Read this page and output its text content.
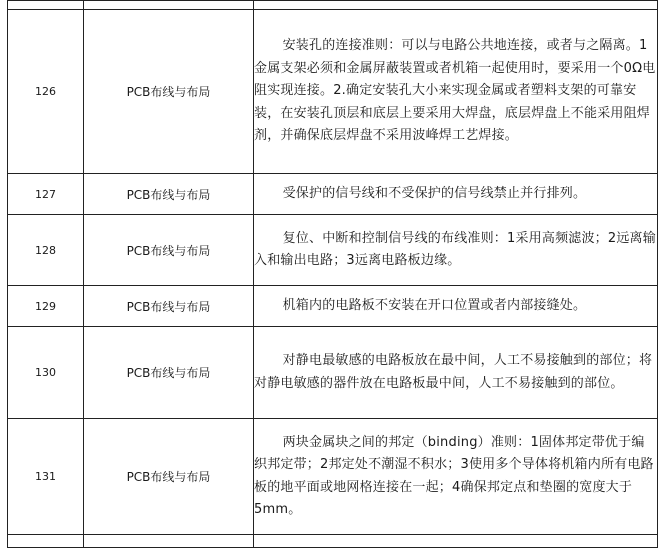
126	PCB布线与布局	安装孔的连接准则：可以与电路公共地连接，或者与之隔离。1金属支架必须和金属屏蔽装置或者机箱一起使用时，要采用一个0Ω电阻实现连接。2.确定安装孔大小来实现金属或者塑料支架的可靠安装，在安装孔顶层和底层上要采用大焊盘，底层焊盘上不能采用阻焊剂，并确保底层焊盘不采用波峰焊工艺焊接。
127	PCB布线与布局	受保护的信号线和不受保护的信号线禁止并行排列。
128	PCB布线与布局	复位、中断和控制信号线的布线准则：1采用高频滤波；2远离输入和输出电路；3远离电路板边缘。
129	PCB布线与布局	机箱内的电路板不安装在开口位置或者内部接缝处。
130	PCB布线与布局	对静电最敏感的电路板放在最中间，人工不易接触到的部位；将对静电敏感的器件放在电路板最中间，人工不易接触到的部位。
131	PCB布线与布局	两块金属块之间的邦定（binding）准则：1固体邦定带优于编织邦定带；2邦定处不潮湿不积水；3使用多个导体将机箱内所有电路板的地平面或地网格连接在一起；4确保邦定点和垫圈的宽度大于5mm。
